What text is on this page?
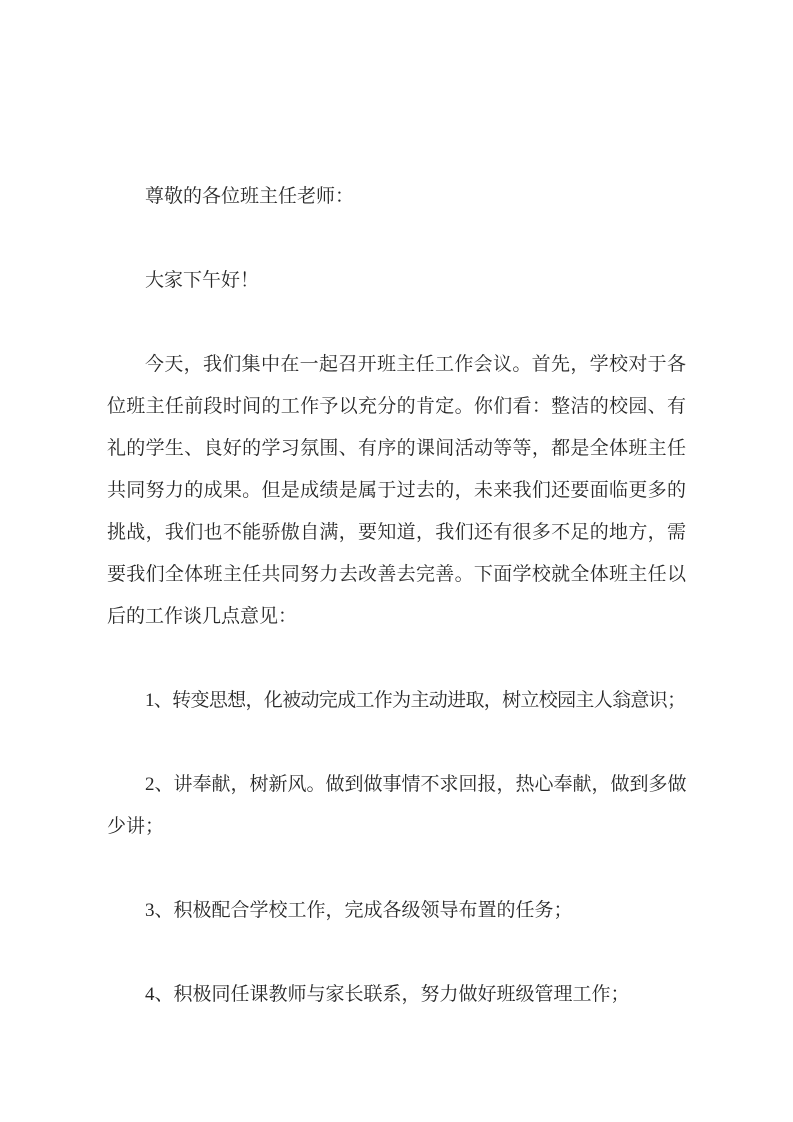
尊敬的各位班主任老师：
大家下午好！
今天，我们集中在一起召开班主任工作会议。首先，学校对于各
位班主任前段时间的工作予以充分的肯定。你们看：整洁的校园、有
礼的学生、良好的学习氛围、有序的课间活动等等，都是全体班主任
共同努力的成果。但是成绩是属于过去的，未来我们还要面临更多的
挑战，我们也不能骄傲自满，要知道，我们还有很多不足的地方，需
要我们全体班主任共同努力去改善去完善。下面学校就全体班主任以
后的工作谈几点意见：
1、转变思想，化被动完成工作为主动进取，树立校园主人翁意识；
2、讲奉献，树新风。做到做事情不求回报，热心奉献，做到多做
少讲；
3、积极配合学校工作，完成各级领导布置的任务；
4、积极同任课教师与家长联系，努力做好班级管理工作；
